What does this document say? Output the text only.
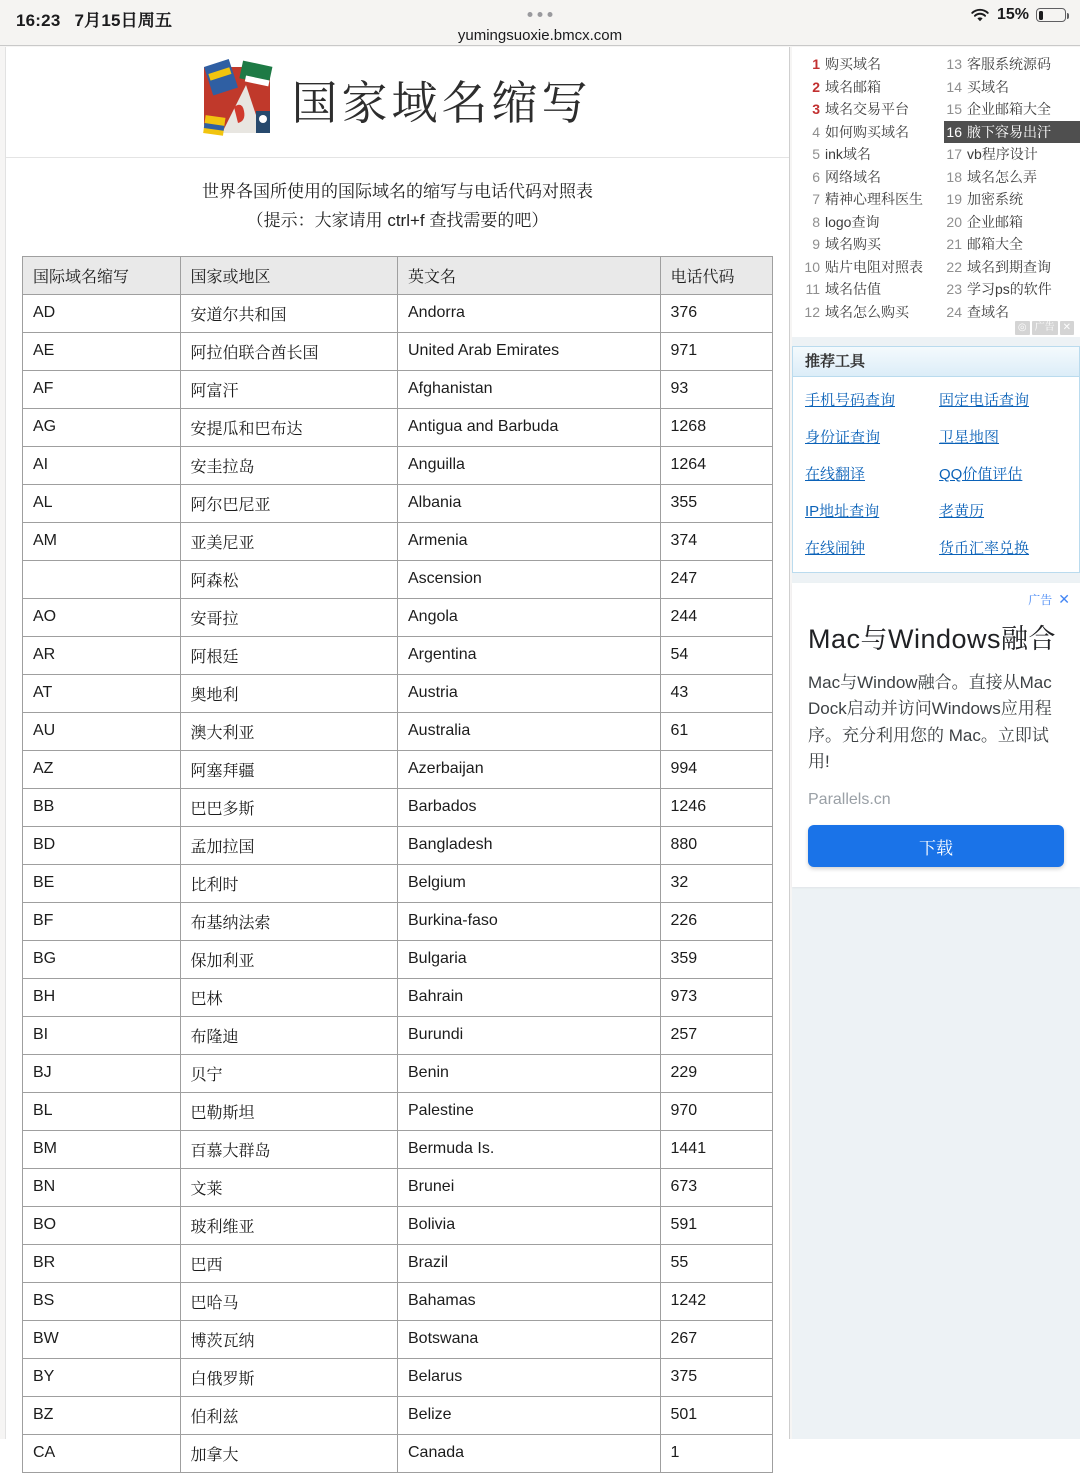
16:23 7月15日周五	15%
yumingsuoxie.bmcx.com
国家域名缩写
世界各国所使用的国际域名的缩写与电话代码对照表
（提示：大家请用 ctrl+f 查找需要的吧）
国际域名缩写	国家或地区	英文名	电话代码
AD	安道尔共和国	Andorra	376
AE	阿拉伯联合酋长国	United Arab Emirates	971
AF	阿富汗	Afghanistan	93
AG	安提瓜和巴布达	Antigua and Barbuda	1268
AI	安圭拉岛	Anguilla	1264
AL	阿尔巴尼亚	Albania	355
AM	亚美尼亚	Armenia	374
	阿森松	Ascension	247
AO	安哥拉	Angola	244
AR	阿根廷	Argentina	54
AT	奥地利	Austria	43
AU	澳大利亚	Australia	61
AZ	阿塞拜疆	Azerbaijan	994
BB	巴巴多斯	Barbados	1246
BD	孟加拉国	Bangladesh	880
BE	比利时	Belgium	32
BF	布基纳法索	Burkina-faso	226
BG	保加利亚	Bulgaria	359
BH	巴林	Bahrain	973
BI	布隆迪	Burundi	257
BJ	贝宁	Benin	229
BL	巴勒斯坦	Palestine	970
BM	百慕大群岛	Bermuda Is.	1441
BN	文莱	Brunei	673
BO	玻利维亚	Bolivia	591
BR	巴西	Brazil	55
BS	巴哈马	Bahamas	1242
BW	博茨瓦纳	Botswana	267
BY	白俄罗斯	Belarus	375
BZ	伯利兹	Belize	501
CA	加拿大	Canada	1
1 购买域名
2 域名邮箱
3 域名交易平台
4 如何购买域名
5 ink域名
6 网络域名
7 精神心理科医生
8 logo查询
9 域名购买
10 贴片电阻对照表
11 域名估值
12 域名怎么购买
13 客服系统源码
14 买域名
15 企业邮箱大全
16 腋下容易出汗
17 vb程序设计
18 域名怎么弄
19 加密系统
20 企业邮箱
21 邮箱大全
22 域名到期查询
23 学习ps的软件
24 查域名
◎ 广告 ✕
推荐工具
手机号码查询	固定电话查询
身份证查询	卫星地图
在线翻译	QQ价值评估
IP地址查询	老黄历
在线闹钟	货币汇率兑换
广告 ✕
Mac与Windows融合
Mac与Window融合。直接从Mac Dock启动并访问Windows应用程序。充分利用您的 Mac。立即试用!
Parallels.cn
下载
